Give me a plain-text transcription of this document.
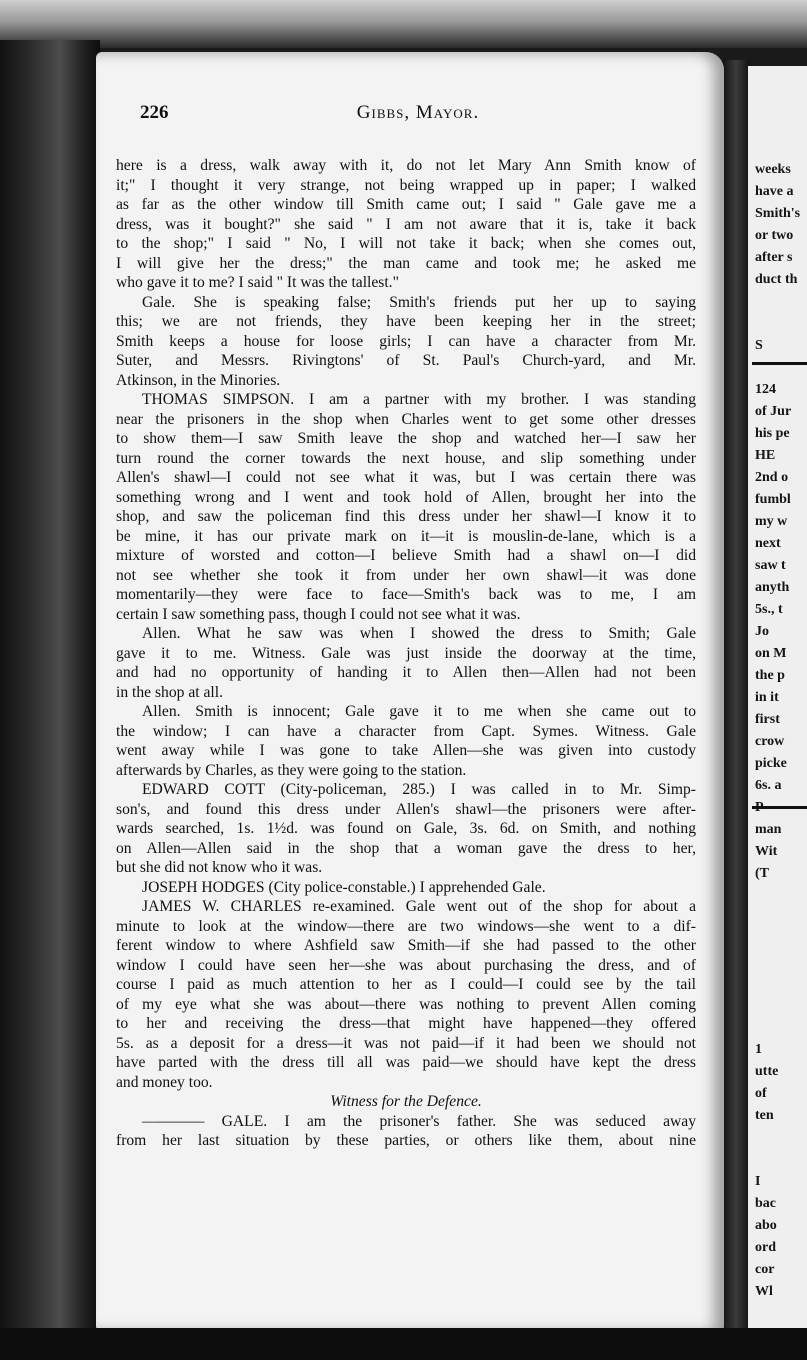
weeks
have a
Smith's
or two
after s
duct th
S
124
of Jur
his pe
HE
2nd o
fumbl
my w
next
saw t
anyth
5s., t
Jo
on M
the p
in it
first
crow
picke
6s. a
man
Wit
(T
1
utte
of
ten
I
bac
abo
ord
cor
Wl
226	Gibbs, Mayor.
here is a dress, walk away with it, do not let Mary Ann Smith know of
it;" I thought it very strange, not being wrapped up in paper; I walked
as far as the other window till Smith came out; I said " Gale gave me a
dress, was it bought?" she said " I am not aware that it is, take it back
to the shop;" I said " No, I will not take it back; when she comes out,
I will give her the dress;" the man came and took me; he asked me
who gave it to me? I said " It was the tallest."
Gale. She is speaking false; Smith's friends put her up to saying
this; we are not friends, they have been keeping her in the street;
Smith keeps a house for loose girls; I can have a character from Mr.
Suter, and Messrs. Rivingtons' of St. Paul's Church-yard, and Mr.
Atkinson, in the Minories.
THOMAS SIMPSON. I am a partner with my brother. I was standing
near the prisoners in the shop when Charles went to get some other dresses
to show them—I saw Smith leave the shop and watched her—I saw her
turn round the corner towards the next house, and slip something under
Allen's shawl—I could not see what it was, but I was certain there was
something wrong and I went and took hold of Allen, brought her into the
shop, and saw the policeman find this dress under her shawl—I know it to
be mine, it has our private mark on it—it is mouslin-de-lane, which is a
mixture of worsted and cotton—I believe Smith had a shawl on—I did
not see whether she took it from under her own shawl—it was done
momentarily—they were face to face—Smith's back was to me, I am
certain I saw something pass, though I could not see what it was.
Allen. What he saw was when I showed the dress to Smith; Gale
gave it to me. Witness. Gale was just inside the doorway at the time,
and had no opportunity of handing it to Allen then—Allen had not been
in the shop at all.
Allen. Smith is innocent; Gale gave it to me when she came out to
the window; I can have a character from Capt. Symes. Witness. Gale
went away while I was gone to take Allen—she was given into custody
afterwards by Charles, as they were going to the station.
EDWARD COTT (City-policeman, 285.) I was called in to Mr. Simp-
son's, and found this dress under Allen's shawl—the prisoners were after-
wards searched, 1s. 1½d. was found on Gale, 3s. 6d. on Smith, and nothing
on Allen—Allen said in the shop that a woman gave the dress to her,
but she did not know who it was.
JOSEPH HODGES (City police-constable.) I apprehended Gale.
JAMES W. CHARLES re-examined. Gale went out of the shop for about a
minute to look at the window—there are two windows—she went to a dif-
ferent window to where Ashfield saw Smith—if she had passed to the other
window I could have seen her—she was about purchasing the dress, and of
course I paid as much attention to her as I could—I could see by the tail
of my eye what she was about—there was nothing to prevent Allen coming
to her and receiving the dress—that might have happened—they offered
5s. as a deposit for a dress—it was not paid—if it had been we should not
have parted with the dress till all was paid—we should have kept the dress
and money too.
Witness for the Defence.
———— GALE. I am the prisoner's father. She was seduced away
from her last situation by these parties, or others like them, about nine
